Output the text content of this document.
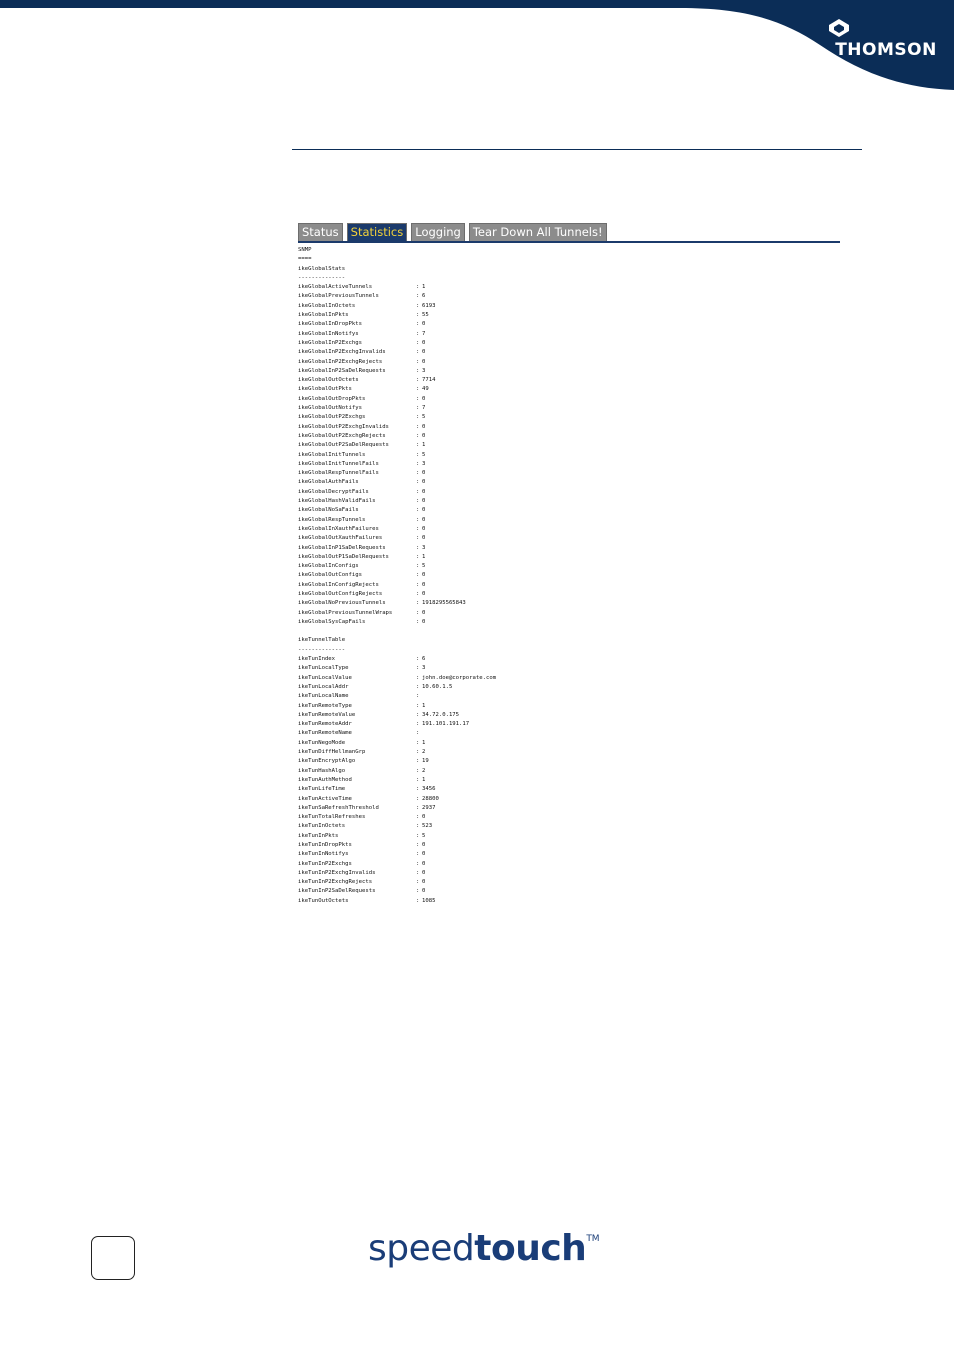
THOMSON
Status	Statistics	Logging	Tear Down All Tunnels!
SNMP
====
ikeGlobalStats
--------------
ikeGlobalActiveTunnels	: 1
ikeGlobalPreviousTunnels	: 6
ikeGlobalInOctets	: 6193
ikeGlobalInPkts	: 55
ikeGlobalInDropPkts	: 0
ikeGlobalInNotifys	: 7
ikeGlobalInP2Exchgs	: 0
ikeGlobalInP2ExchgInvalids	: 0
ikeGlobalInP2ExchgRejects	: 0
ikeGlobalInP2SaDelRequests	: 3
ikeGlobalOutOctets	: 7714
ikeGlobalOutPkts	: 49
ikeGlobalOutDropPkts	: 0
ikeGlobalOutNotifys	: 7
ikeGlobalOutP2Exchgs	: 5
ikeGlobalOutP2ExchgInvalids	: 0
ikeGlobalOutP2ExchgRejects	: 0
ikeGlobalOutP2SaDelRequests	: 1
ikeGlobalInitTunnels	: 5
ikeGlobalInitTunnelFails	: 3
ikeGlobalRespTunnelFails	: 0
ikeGlobalAuthFails	: 0
ikeGlobalDecryptFails	: 0
ikeGlobalHashValidFails	: 0
ikeGlobalNoSaFails	: 0
ikeGlobalRespTunnels	: 0
ikeGlobalInXauthFailures	: 0
ikeGlobalOutXauthFailures	: 0
ikeGlobalInP1SaDelRequests	: 3
ikeGlobalOutP1SaDelRequests	: 1
ikeGlobalInConfigs	: 5
ikeGlobalOutConfigs	: 0
ikeGlobalInConfigRejects	: 0
ikeGlobalOutConfigRejects	: 0
ikeGlobalNoPreviousTunnels	: 1918295565843
ikeGlobalPreviousTunnelWraps	: 0
ikeGlobalSysCapFails	: 0
ikeTunnelTable
--------------
ikeTunIndex	: 6
ikeTunLocalType	: 3
ikeTunLocalValue	: john.doe@corporate.com
ikeTunLocalAddr	: 10.60.1.5
ikeTunLocalName	:
ikeTunRemoteType	: 1
ikeTunRemoteValue	: 34.72.0.175
ikeTunRemoteAddr	: 191.101.191.17
ikeTunRemoteName	:
ikeTunNegoMode	: 1
ikeTunDiffHellmanGrp	: 2
ikeTunEncryptAlgo	: 19
ikeTunHashAlgo	: 2
ikeTunAuthMethod	: 1
ikeTunLifeTime	: 3456
ikeTunActiveTime	: 28800
ikeTunSaRefreshThreshold	: 2937
ikeTunTotalRefreshes	: 0
ikeTunInOctets	: 523
ikeTunInPkts	: 5
ikeTunInDropPkts	: 0
ikeTunInNotifys	: 0
ikeTunInP2Exchgs	: 0
ikeTunInP2ExchgInvalids	: 0
ikeTunInP2ExchgRejects	: 0
ikeTunInP2SaDelRequests	: 0
ikeTunOutOctets	: 1085
speedtouch™
